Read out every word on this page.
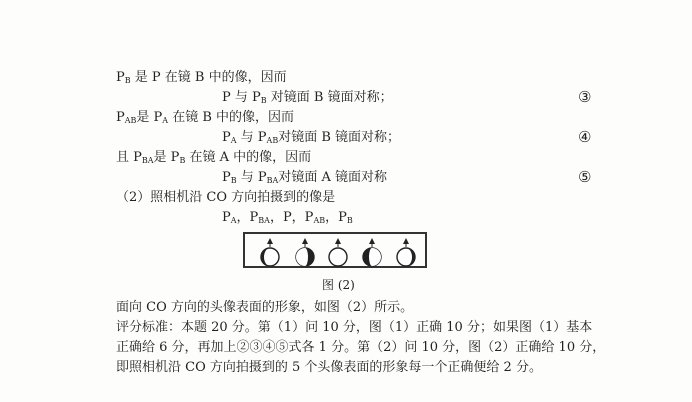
$P_B$ 是 P 在镜 B 中的像，因而
P 与 $P_B$ 对镜面 B 镜面对称；	③
$P_{AB}$是 $P_A$ 在镜 B 中的像，因而
$P_A$ 与 $P_{AB}$对镜面 B 镜面对称；	④
且 $P_{BA}$是 $P_B$ 在镜 A 中的像，因而
$P_B$ 与 $P_{BA}$对镜面 A 镜面对称	⑤
（2）照相机沿 CO 方向拍摄到的像是
$P_A$，$P_{BA}$，P，$P_{AB}$，$P_B$
图 (2)
面向 CO 方向的头像表面的形象，如图（2）所示。
评分标准：本题 20 分。第（1）问 10 分，图（1）正确 10 分；如果图（1）基本
正确给 6 分，再加上②③④⑤式各 1 分。第（2）问 10 分，图（2）正确给 10 分，
即照相机沿 CO 方向拍摄到的 5 个头像表面的形象每一个正确便给 2 分。
